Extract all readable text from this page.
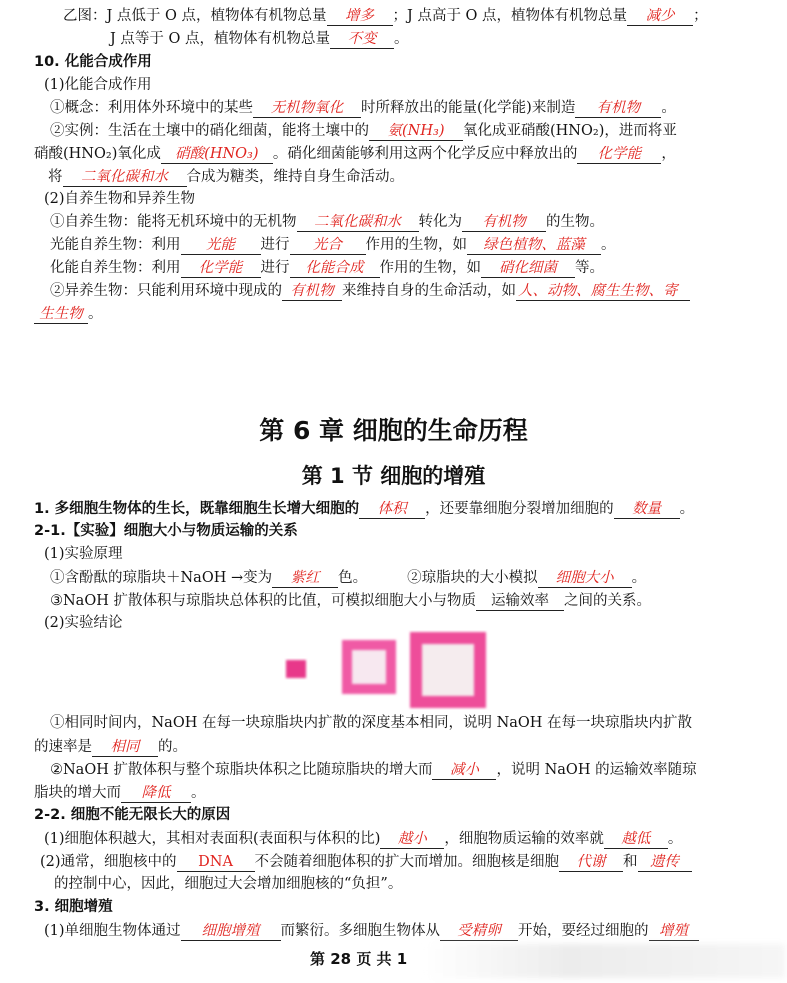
乙图：J 点低于 O 点，植物体有机物总量 增多 ；J 点高于 O 点，植物体有机物总量 减少 ；
J 点等于 O 点，植物体有机物总量 不变 。
10. 化能合成作用
(1)化能合成作用
①概念：利用体外环境中的某些 无机物氧化 时所释放出的能量(化学能)来制造 有机物 。
②实例：生活在土壤中的硝化细菌，能将土壤中的 氨(NH₃) 氧化成亚硝酸(HNO₂)，进而将亚
硝酸(HNO₂)氧化成 硝酸(HNO₃) 。硝化细菌能够利用这两个化学反应中释放出的 化学能 ，
将 二氧化碳和水 合成为糖类，维持自身生命活动。
(2)自养生物和异养生物
①自养生物：能将无机环境中的无机物 二氧化碳和水 转化为 有机物 的生物。
光能自养生物：利用 光能 进行 光合 作用的生物，如 绿色植物、蓝藻 。
化能自养生物：利用 化学能 进行 化能合成 作用的生物，如 硝化细菌 等。
②异养生物：只能利用环境中现成的 有机物 来维持自身的生命活动，如 人、动物、腐生生物、寄
生生物 。
第 6 章 细胞的生命历程
第 1 节 细胞的增殖
1. 多细胞生物体的生长，既靠细胞生长增大细胞的 体积 ，还要靠细胞分裂增加细胞的 数量 。
2-1.【实验】细胞大小与物质运输的关系
(1)实验原理
①含酚酞的琼脂块＋NaOH →变为 紫红 色。	②琼脂块的大小模拟 细胞大小 。
③NaOH 扩散体积与琼脂块总体积的比值，可模拟细胞大小与物质 运输效率 之间的关系。
(2)实验结论
①相同时间内，NaOH 在每一块琼脂块内扩散的深度基本相同，说明 NaOH 在每一块琼脂块内扩散
的速率是 相同 的。
②NaOH 扩散体积与整个琼脂块体积之比随琼脂块的增大而 减小 ，说明 NaOH 的运输效率随琼
脂块的增大而 降低 。
2-2. 细胞不能无限长大的原因
(1)细胞体积越大，其相对表面积(表面积与体积的比) 越小 ，细胞物质运输的效率就 越低 。
(2)通常，细胞核中的 DNA 不会随着细胞体积的扩大而增加。细胞核是细胞 代谢 和 遗传
的控制中心，因此，细胞过大会增加细胞核的“负担”。
3. 细胞增殖
(1)单细胞生物体通过 细胞增殖 而繁衍。多细胞生物体从 受精卵 开始，要经过细胞的 增殖
第 28 页 共 1
